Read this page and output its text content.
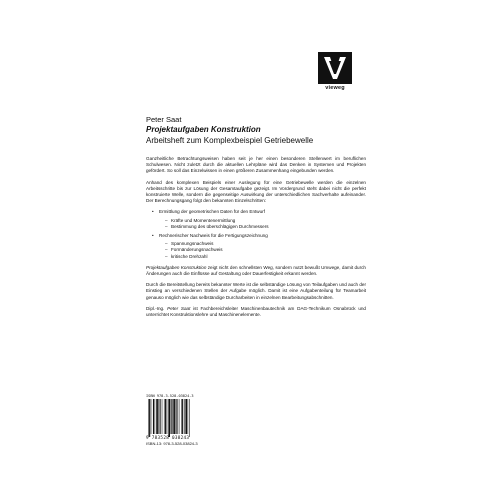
vieweg

Peter Saat

Projektaufgaben Konstruktion

Arbeitsheft zum Komplexbeispiel Getriebewelle

Ganzheitliche Betrachtungsweisen haben seit je her einen besonderen Stellenwert im beruflichen Schulwesen. Nicht zuletzt durch die aktuellen Lehrpläne wird das Denken in Systemen und Projekten gefördert. So soll das Einzelwissen in einen größeren Zusammenhang eingebunden werden.

Anhand des komplexen Beispiels einer Auslegung für eine Getriebewelle werden die einzelnen Arbeitsschritte bis zur Lösung der Gesamtaufgabe gezeigt. Im Vordergrund steht dabei nicht die perfekt konstruierte Welle, sondern die gegenseitige Auswirkung der unterschiedlichen Sachverhalte aufeinander. Der Berechnungsgang folgt den bekannten Einzelschritten:

• Ermittlung der geometrischen Daten für den Entwurf
– Kräfte und Momentenermittlung
– Bestimmung des überschlägigen Durchmessers
• Rechnerischer Nachweis für die Fertigungszeichnung
– Spannungsnachweis
– Formänderungsnachweis
– kritische Drehzahl

Projektaufgaben Konstruktion zeigt nicht den schnellsten Weg, sondern nutzt bewußt Umwege, damit durch Änderungen auch die Einflüsse auf Gestaltung oder Dauerfestigkeit erkannt werden.

Durch die Bereitstellung bereits bekannter Werte ist die selbständige Lösung von Teilaufgaben und auch der Einstieg an verschiedenen Stellen der Aufgabe möglich. Damit ist eine Aufgabenteilung für Teamarbeit genauso möglich wie das selbständige Durcharbeiten in einzelnen Bearbeitungsabschnitten.

Dipl.-Ing. Peter Saat ist Fachbereichsleiter Maschinenbautechnik am DAG-Technikum Osnabrück und unterrichtet Konstruktionslehre und Maschinenelemente.

ISBN 978-3-528-03824-3
9 783528 038243
ISBN-13: 978-3-528-03824-3
